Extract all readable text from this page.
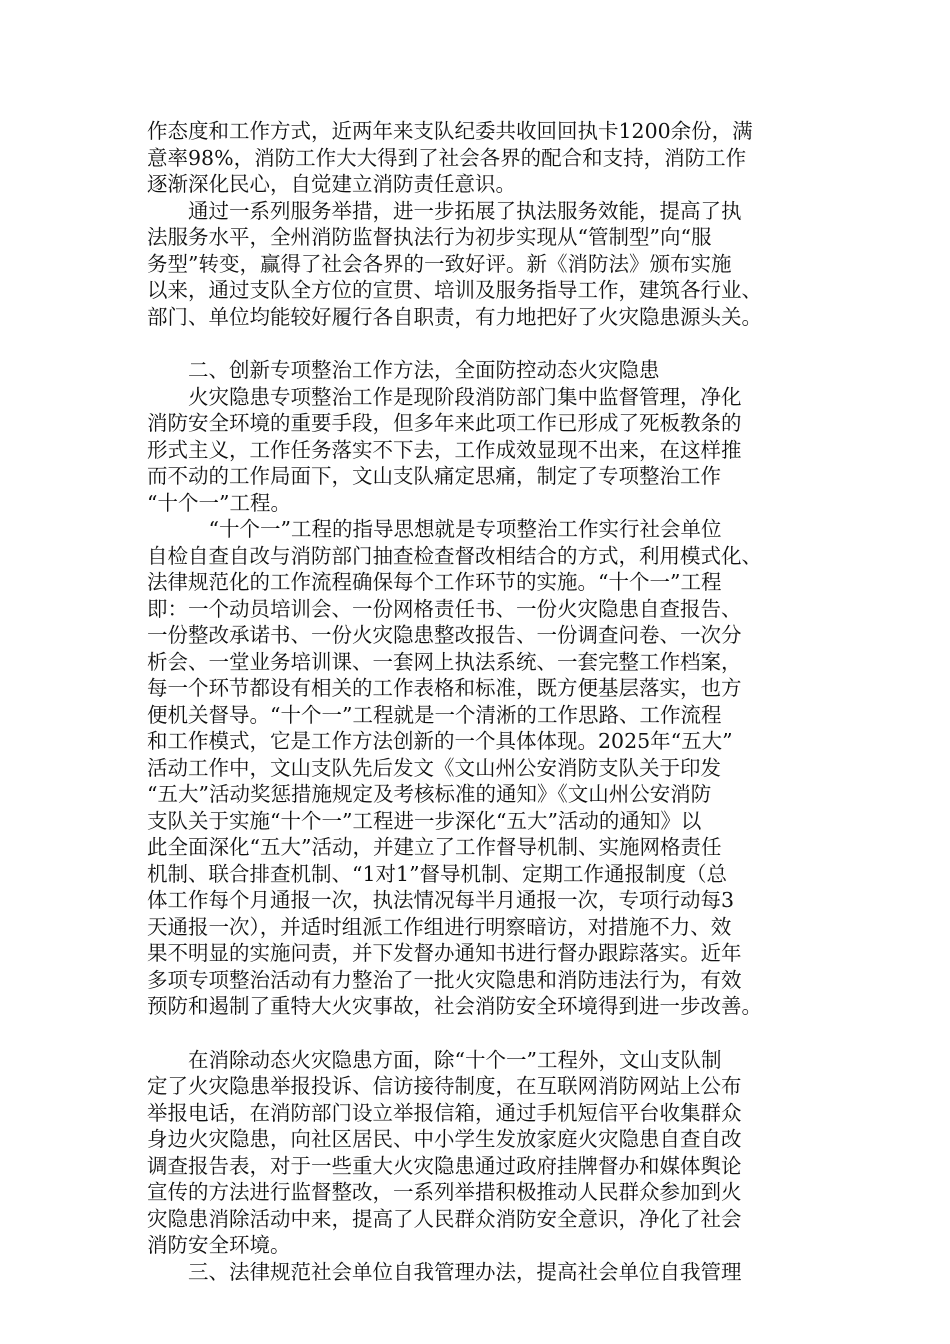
作态度和工作方式，近两年来支队纪委共收回回执卡1200余份，满
意率98%，消防工作大大得到了社会各界的配合和支持，消防工作
逐渐深化民心，自觉建立消防责任意识。
　　通过一系列服务举措，进一步拓展了执法服务效能，提高了执
法服务水平，全州消防监督执法行为初步实现从“管制型”向“服
务型”转变，赢得了社会各界的一致好评。新《消防法》颁布实施
以来，通过支队全方位的宣贯、培训及服务指导工作，建筑各行业、
部门、单位均能较好履行各自职责，有力地把好了火灾隐患源头关。
　　二、创新专项整治工作方法，全面防控动态火灾隐患
　　火灾隐患专项整治工作是现阶段消防部门集中监督管理，净化
消防安全环境的重要手段，但多年来此项工作已形成了死板教条的
形式主义，工作任务落实不下去，工作成效显现不出来，在这样推
而不动的工作局面下，文山支队痛定思痛，制定了专项整治工作
“十个一”工程。
　　　“十个一”工程的指导思想就是专项整治工作实行社会单位
自检自查自改与消防部门抽查检查督改相结合的方式，利用模式化、
法律规范化的工作流程确保每个工作环节的实施。“十个一”工程
即：一个动员培训会、一份网格责任书、一份火灾隐患自查报告、
一份整改承诺书、一份火灾隐患整改报告、一份调查问卷、一次分
析会、一堂业务培训课、一套网上执法系统、一套完整工作档案，
每一个环节都设有相关的工作表格和标准，既方便基层落实，也方
便机关督导。“十个一”工程就是一个清淅的工作思路、工作流程
和工作模式，它是工作方法创新的一个具体体现。2025年“五大”
活动工作中，文山支队先后发文《文山州公安消防支队关于印发
“五大”活动奖惩措施规定及考核标准的通知》《文山州公安消防
支队关于实施“十个一”工程进一步深化“五大”活动的通知》以
此全面深化“五大”活动，并建立了工作督导机制、实施网格责任
机制、联合排查机制、“1对1”督导机制、定期工作通报制度（总
体工作每个月通报一次，执法情况每半月通报一次，专项行动每3
天通报一次），并适时组派工作组进行明察暗访，对措施不力、效
果不明显的实施问责，并下发督办通知书进行督办跟踪落实。近年
多项专项整治活动有力整治了一批火灾隐患和消防违法行为，有效
预防和遏制了重特大火灾事故，社会消防安全环境得到进一步改善。
　　在消除动态火灾隐患方面，除“十个一”工程外，文山支队制
定了火灾隐患举报投诉、信访接待制度，在互联网消防网站上公布
举报电话，在消防部门设立举报信箱，通过手机短信平台收集群众
身边火灾隐患，向社区居民、中小学生发放家庭火灾隐患自查自改
调查报告表，对于一些重大火灾隐患通过政府挂牌督办和媒体舆论
宣传的方法进行监督整改，一系列举措积极推动人民群众参加到火
灾隐患消除活动中来，提高了人民群众消防安全意识，净化了社会
消防安全环境。
　　三、法律规范社会单位自我管理办法，提高社会单位自我管理
